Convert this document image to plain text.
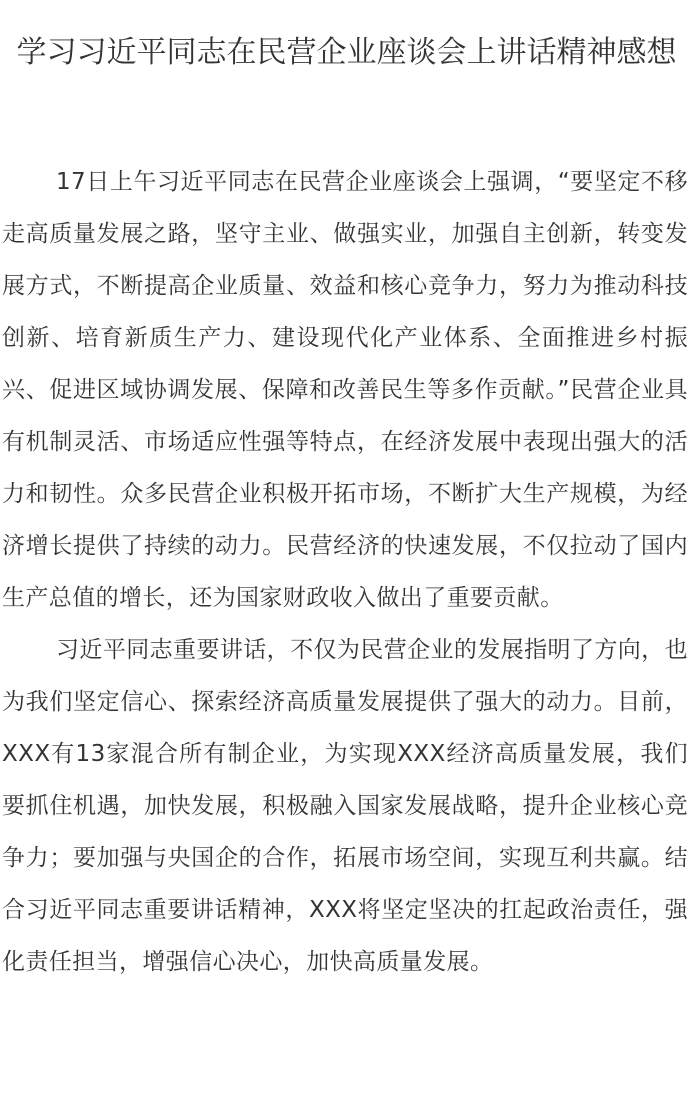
学习习近平同志在民营企业座谈会上讲话精神感想

17日上午习近平同志在民营企业座谈会上强调，“要坚定不移走高质量发展之路，坚守主业、做强实业，加强自主创新，转变发展方式，不断提高企业质量、效益和核心竞争力，努力为推动科技创新、培育新质生产力、建设现代化产业体系、全面推进乡村振兴、促进区域协调发展、保障和改善民生等多作贡献。”民营企业具有机制灵活、市场适应性强等特点，在经济发展中表现出强大的活力和韧性。众多民营企业积极开拓市场，不断扩大生产规模，为经济增长提供了持续的动力。民营经济的快速发展，不仅拉动了国内生产总值的增长，还为国家财政收入做出了重要贡献。

习近平同志重要讲话，不仅为民营企业的发展指明了方向，也为我们坚定信心、探索经济高质量发展提供了强大的动力。目前，XXX有13家混合所有制企业，为实现XXX经济高质量发展，我们要抓住机遇，加快发展，积极融入国家发展战略，提升企业核心竞争力；要加强与央国企的合作，拓展市场空间，实现互利共赢。结合习近平同志重要讲话精神，XXX将坚定坚决的扛起政治责任，强化责任担当，增强信心决心，加快高质量发展。
